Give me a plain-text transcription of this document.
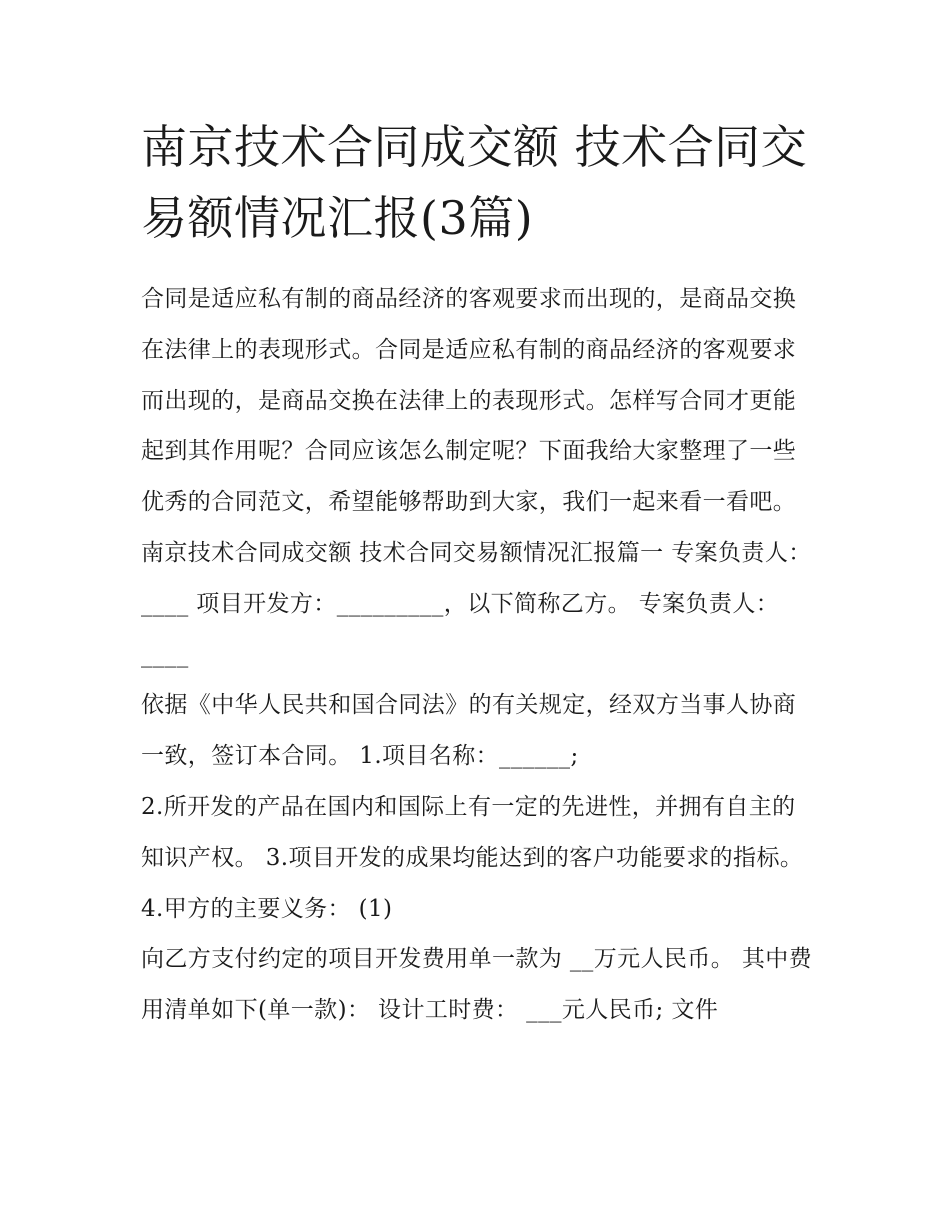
南京技术合同成交额 技术合同交易额情况汇报(3篇)

合同是适应私有制的商品经济的客观要求而出现的，是商品交换在法律上的表现形式。合同是适应私有制的商品经济的客观要求而出现的，是商品交换在法律上的表现形式。怎样写合同才更能起到其作用呢？合同应该怎么制定呢？下面我给大家整理了一些优秀的合同范文，希望能够帮助到大家，我们一起来看一看吧。

南京技术合同成交额 技术合同交易额情况汇报篇一 专案负责人：____ 项目开发方：_________，以下简称乙方。 专案负责人：____

依据《中华人民共和国合同法》的有关规定，经双方当事人协商一致，签订本合同。 1.项目名称：______;

2.所开发的产品在国内和国际上有一定的先进性，并拥有自主的知识产权。 3.项目开发的成果均能达到的客户功能要求的指标。 4.甲方的主要义务： (1)

向乙方支付约定的项目开发费用单一款为 __万元人民币。 其中费用清单如下(单一款)： 设计工时费： ___元人民币; 文件
